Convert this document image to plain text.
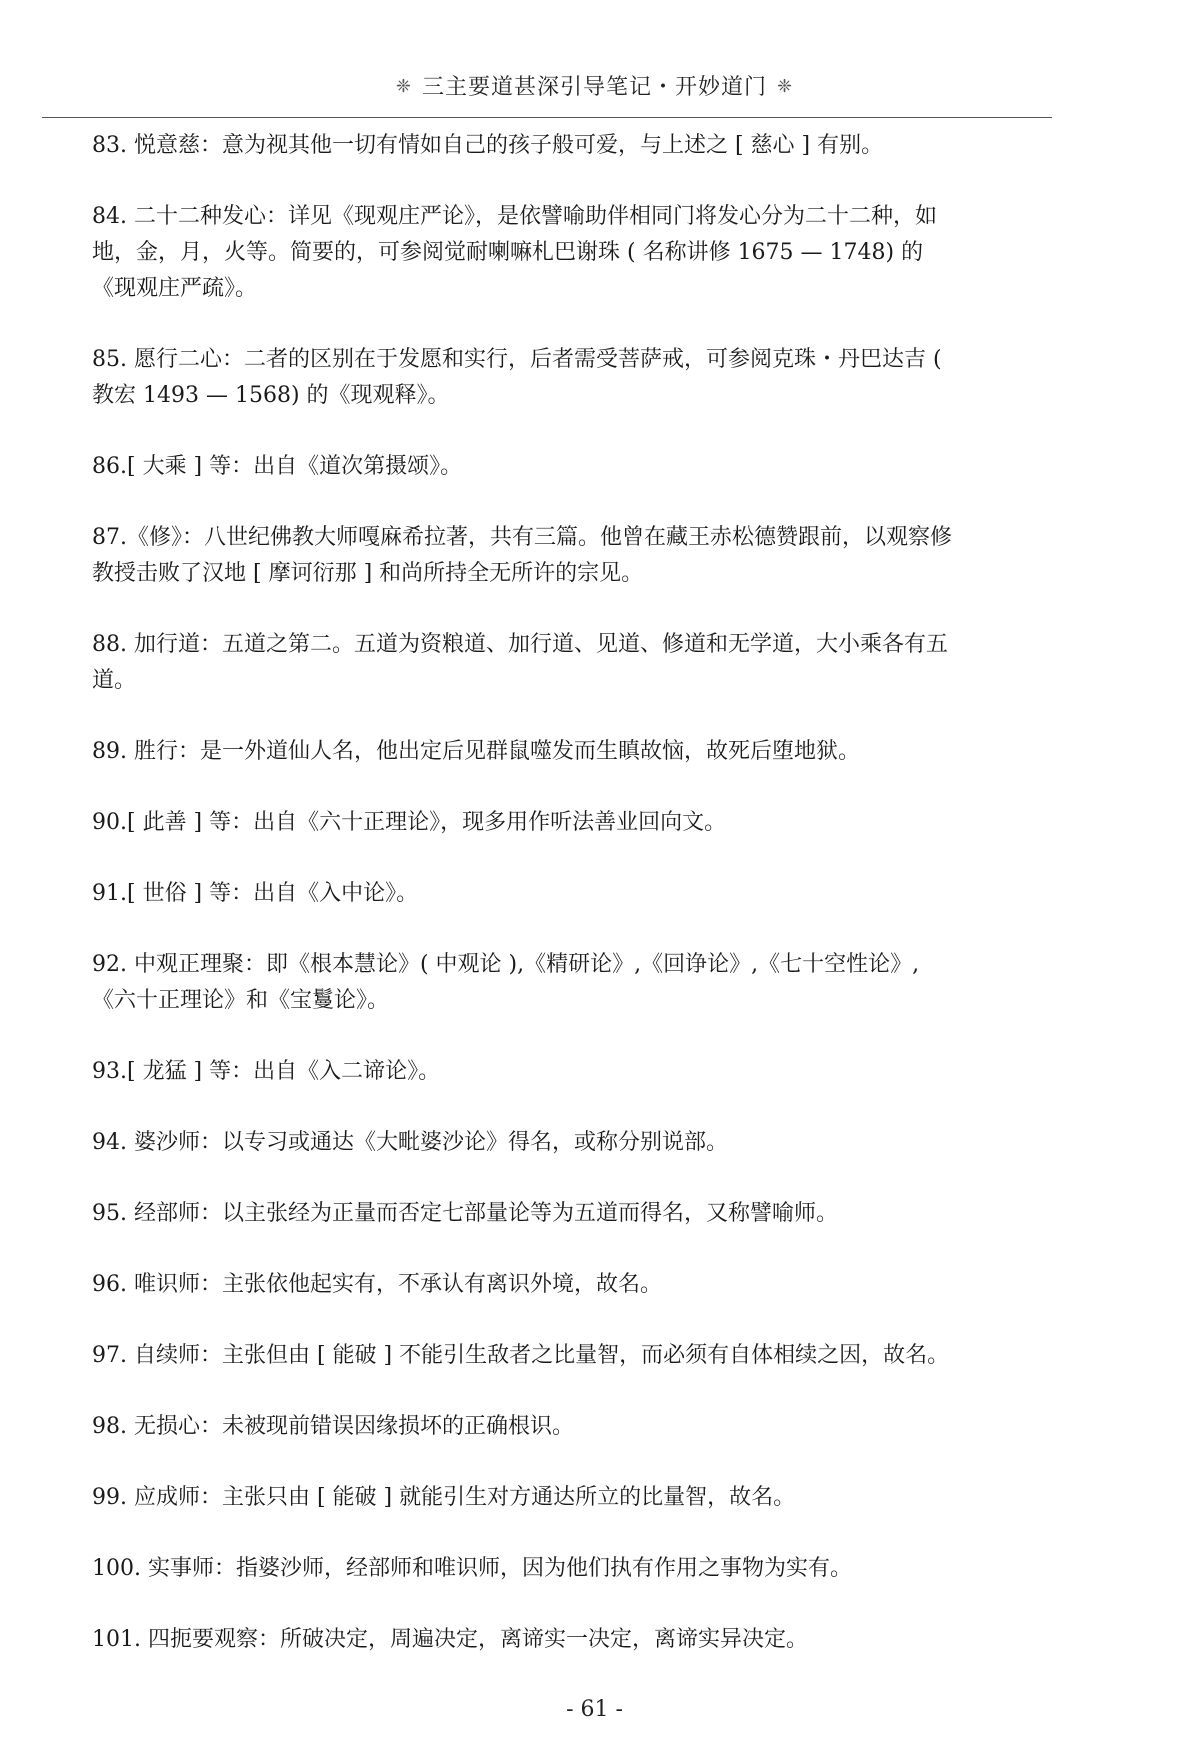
❈ 三主要道甚深引导笔记・开妙道门 ❈
83. 悦意慈：意为视其他一切有情如自己的孩子般可爱，与上述之 [ 慈心 ] 有别。
84. 二十二种发心：详见《现观庄严论》，是依譬喻助伴相同门将发心分为二十二种，如地，金，月，火等。简要的，可参阅觉耐喇嘛札巴谢珠 ( 名称讲修 1675 — 1748) 的《现观庄严疏》。
85. 愿行二心：二者的区别在于发愿和实行，后者需受菩萨戒，可参阅克珠・丹巴达吉 ( 教宏 1493 — 1568) 的《现观释》。
86.[ 大乘 ] 等：出自《道次第摄颂》。
87.《修》：八世纪佛教大师嘎麻希拉著，共有三篇。他曾在藏王赤松德赞跟前，以观察修教授击败了汉地 [ 摩诃衍那 ] 和尚所持全无所许的宗见。
88. 加行道：五道之第二。五道为资粮道、加行道、见道、修道和无学道，大小乘各有五道。
89. 胜行：是一外道仙人名，他出定后见群鼠噬发而生瞋故恼，故死后堕地狱。
90.[ 此善 ] 等：出自《六十正理论》，现多用作听法善业回向文。
91.[ 世俗 ] 等：出自《入中论》。
92. 中观正理聚：即《根本慧论》( 中观论 ),《精研论》,《回诤论》,《七十空性论》,《六十正理论》和《宝鬘论》。
93.[ 龙猛 ] 等：出自《入二谛论》。
94. 婆沙师：以专习或通达《大毗婆沙论》得名，或称分别说部。
95. 经部师：以主张经为正量而否定七部量论等为五道而得名，又称譬喻师。
96. 唯识师：主张依他起实有，不承认有离识外境，故名。
97. 自续师：主张但由 [ 能破 ] 不能引生敌者之比量智，而必须有自体相续之因，故名。
98. 无损心：未被现前错误因缘损坏的正确根识。
99. 应成师：主张只由 [ 能破 ] 就能引生对方通达所立的比量智，故名。
100. 实事师：指婆沙师，经部师和唯识师，因为他们执有作用之事物为实有。
101. 四扼要观察：所破决定，周遍决定，离谛实一决定，离谛实异决定。
- 61 -
